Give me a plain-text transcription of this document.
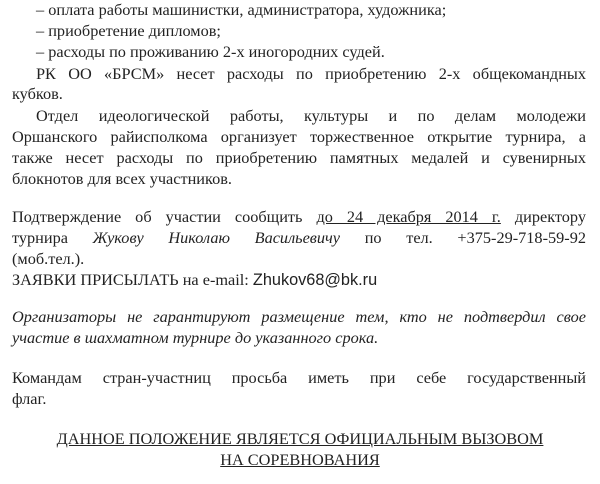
– оплата работы машинистки, администратора, художника;
– приобретение дипломов;
– расходы по проживанию 2-х иногородних судей.
РК ОО «БРСМ» несет расходы по приобретению 2-х общекомандных
кубков.
Отдел идеологической работы, культуры и по делам молодежи
Оршанского райисполкома организует торжественное открытие турнира, а
также несет расходы по приобретению памятных медалей и сувенирных
блокнотов для всех участников.
Подтверждение об участии сообщить до 24 декабря 2014 г. директору
турнира Жукову Николаю Васильевичу по тел. +375-29-718-59-92
(моб.тел.).
ЗАЯВКИ ПРИСЫЛАТЬ на e-mail: Zhukov68@bk.ru
Организаторы не гарантируют размещение тем, кто не подтвердил свое
участие в шахматном турнире до указанного срока.
Командам стран-участниц просьба иметь при себе государственный
флаг.
ДАННОЕ ПОЛОЖЕНИЕ ЯВЛЯЕТСЯ ОФИЦИАЛЬНЫМ ВЫЗОВОМ
НА СОРЕВНОВАНИЯ
